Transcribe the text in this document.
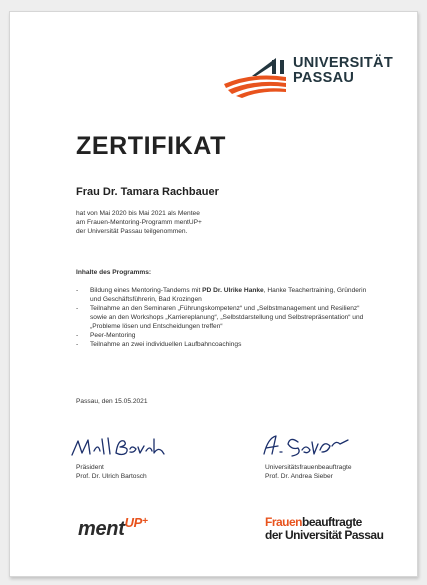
UNIVERSITÄT
PASSAU
ZERTIFIKAT
Frau Dr. Tamara Rachbauer
hat von Mai 2020 bis Mai 2021 als Mentee
am Frauen-Mentoring-Programm mentUP+
der Universität Passau teilgenommen.
Inhalte des Programms:
- Bildung eines Mentoring-Tandems mit PD Dr. Ulrike Hanke, Hanke Teachertraining, Gründerin und Geschäftsführerin, Bad Krozingen
- Teilnahme an den Seminaren „Führungskompetenz“ und „Selbstmanagement und Resilienz“ sowie an den Workshops „Karriereplanung“, „Selbstdarstellung und Selbstrepräsentation“ und „Probleme lösen und Entscheidungen treffen“
- Peer-Mentoring
- Teilnahme an zwei individuellen Laufbahncoachings
Passau, den 15.05.2021
Präsident
Prof. Dr. Ulrich Bartosch
Universitätsfrauenbeauftragte
Prof. Dr. Andrea Sieber
ment$^{UP+}$	Frauenbeauftragte
der Universität Passau
